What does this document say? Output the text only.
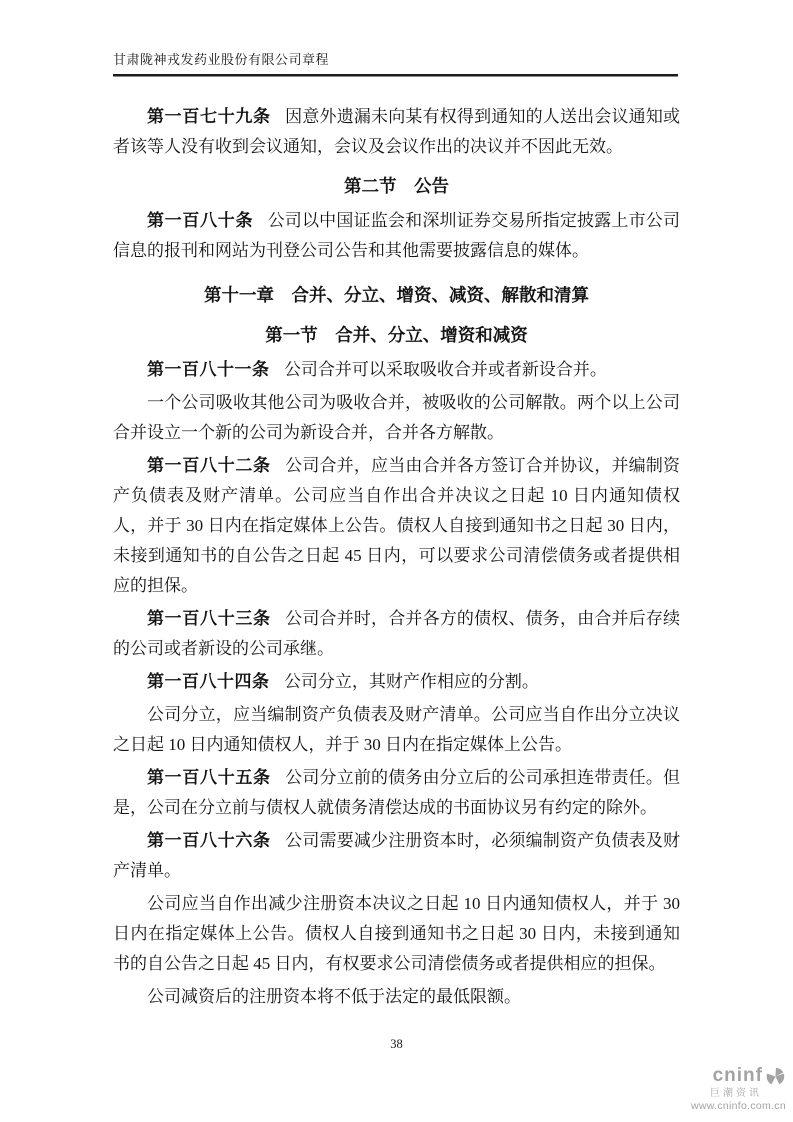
甘肃陇神戎发药业股份有限公司章程

第一百七十九条 因意外遗漏未向某有权得到通知的人送出会议通知或者该等人没有收到会议通知，会议及会议作出的决议并不因此无效。

第二节　公告

第一百八十条 公司以中国证监会和深圳证券交易所指定披露上市公司信息的报刊和网站为刊登公司公告和其他需要披露信息的媒体。

第十一章　合并、分立、增资、减资、解散和清算

第一节　合并、分立、增资和减资

第一百八十一条 公司合并可以采取吸收合并或者新设合并。

一个公司吸收其他公司为吸收合并，被吸收的公司解散。两个以上公司合并设立一个新的公司为新设合并，合并各方解散。

第一百八十二条 公司合并，应当由合并各方签订合并协议，并编制资产负债表及财产清单。公司应当自作出合并决议之日起 10 日内通知债权人，并于 30 日内在指定媒体上公告。债权人自接到通知书之日起 30 日内，未接到通知书的自公告之日起 45 日内，可以要求公司清偿债务或者提供相应的担保。

第一百八十三条 公司合并时，合并各方的债权、债务，由合并后存续的公司或者新设的公司承继。

第一百八十四条 公司分立，其财产作相应的分割。

公司分立，应当编制资产负债表及财产清单。公司应当自作出分立决议之日起 10 日内通知债权人，并于 30 日内在指定媒体上公告。

第一百八十五条 公司分立前的债务由分立后的公司承担连带责任。但是，公司在分立前与债权人就债务清偿达成的书面协议另有约定的除外。

第一百八十六条 公司需要减少注册资本时，必须编制资产负债表及财产清单。

公司应当自作出减少注册资本决议之日起 10 日内通知债权人，并于 30 日内在指定媒体上公告。债权人自接到通知书之日起 30 日内，未接到通知书的自公告之日起 45 日内，有权要求公司清偿债务或者提供相应的担保。

公司减资后的注册资本将不低于法定的最低限额。

38
cninf
巨潮资讯
www.cninfo.com.cn
